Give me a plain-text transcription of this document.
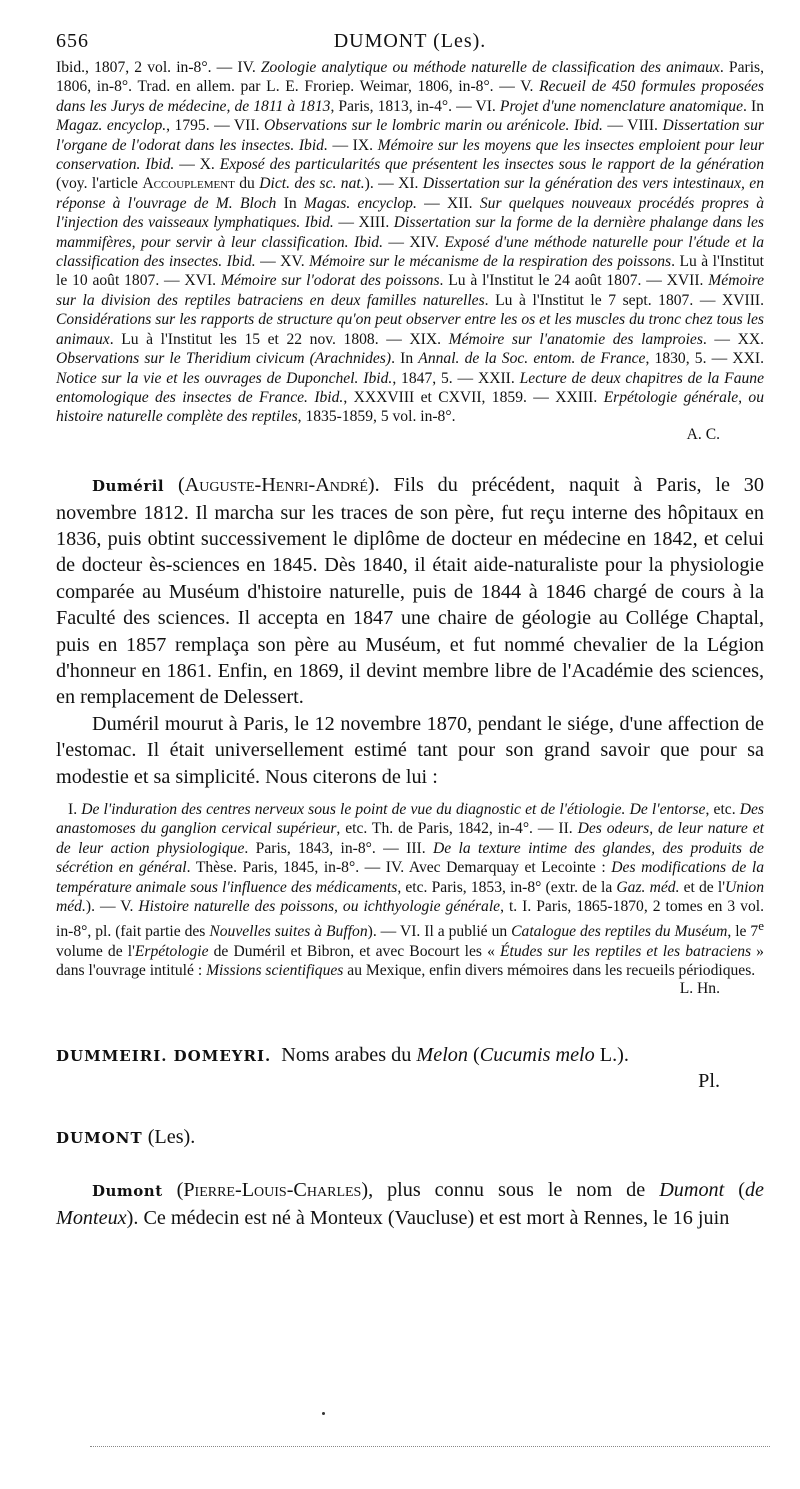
656	DUMONT (Les).

Ibid., 1807, 2 vol. in-8°. — IV. Zoologie analytique ou méthode naturelle de classification des animaux. Paris, 1806, in-8°. Trad. en allem. par L. E. Froriep. Weimar, 1806, in-8°. — V. Recueil de 450 formules proposées dans les Jurys de médecine, de 1811 à 1813, Paris, 1813, in-4°. — VI. Projet d'une nomenclature anatomique. In Magaz. encyclop., 1795. — VII. Observations sur le lombric marin ou arénicole. Ibid. — VIII. Dissertation sur l'organe de l'odorat dans les insectes. Ibid. — IX. Mémoire sur les moyens que les insectes emploient pour leur conservation. Ibid. — X. Exposé des particularités que présentent les insectes sous le rapport de la génération (voy. l'article Accouplement du Dict. des sc. nat.). — XI. Dissertation sur la génération des vers intestinaux, en réponse à l'ouvrage de M. Bloch In Magas. encyclop. — XII. Sur quelques nouveaux procédés propres à l'injection des vaisseaux lymphatiques. Ibid. — XIII. Dissertation sur la forme de la dernière phalange dans les mammifères, pour servir à leur classification. Ibid. — XIV. Exposé d'une méthode naturelle pour l'étude et la classification des insectes. Ibid. — XV. Mémoire sur le mécanisme de la respiration des poissons. Lu à l'Institut le 10 août 1807. — XVI. Mémoire sur l'odorat des poissons. Lu à l'Institut le 24 août 1807. — XVII. Mémoire sur la division des reptiles batraciens en deux familles naturelles. Lu à l'Institut le 7 sept. 1807. — XVIII. Considérations sur les rapports de structure qu'on peut observer entre les os et les muscles du tronc chez tous les animaux. Lu à l'Institut les 15 et 22 nov. 1808. — XIX. Mémoire sur l'anatomie des lamproies. — XX. Observations sur le Theridium civicum (Arachnides). In Annal. de la Soc. entom. de France, 1830, 5. — XXI. Notice sur la vie et les ouvrages de Duponchel. Ibid., 1847, 5. — XXII. Lecture de deux chapitres de la Faune entomologique des insectes de France. Ibid., XXXVIII et CXVII, 1859. — XXIII. Erpétologie générale, ou histoire naturelle complète des reptiles, 1835-1859, 5 vol. in-8°.

A. C.

Duméril (Auguste-Henri-André). Fils du précédent, naquit à Paris, le 30 novembre 1812. Il marcha sur les traces de son père, fut reçu interne des hôpitaux en 1836, puis obtint successivement le diplôme de docteur en médecine en 1842, et celui de docteur ès-sciences en 1845. Dès 1840, il était aide-naturaliste pour la physiologie comparée au Muséum d'histoire naturelle, puis de 1844 à 1846 chargé de cours à la Faculté des sciences. Il accepta en 1847 une chaire de géologie au Collége Chaptal, puis en 1857 remplaça son père au Muséum, et fut nommé chevalier de la Légion d'honneur en 1861. Enfin, en 1869, il devint membre libre de l'Académie des sciences, en remplacement de Delessert.

Duméril mourut à Paris, le 12 novembre 1870, pendant le siége, d'une affection de l'estomac. Il était universellement estimé tant pour son grand savoir que pour sa modestie et sa simplicité. Nous citerons de lui :

I. De l'induration des centres nerveux sous le point de vue du diagnostic et de l'étiologie. De l'entorse, etc. Des anastomoses du ganglion cervical supérieur, etc. Th. de Paris, 1842, in-4°. — II. Des odeurs, de leur nature et de leur action physiologique. Paris, 1843, in-8°. — III. De la texture intime des glandes, des produits de sécrétion en général. Thèse. Paris, 1845, in-8°. — IV. Avec Demarquay et Lecointe : Des modifications de la température animale sous l'influence des médicaments, etc. Paris, 1853, in-8° (extr. de la Gaz. méd. et de l'Union méd.). — V. Histoire naturelle des poissons, ou ichthyologie générale, t. I. Paris, 1865-1870, 2 tomes en 3 vol. in-8°, pl. (fait partie des Nouvelles suites à Buffon). — VI. Il a publié un Catalogue des reptiles du Muséum, le 7e volume de l'Erpétologie de Duméril et Bibron, et avec Bocourt les « Études sur les reptiles et les batraciens » dans l'ouvrage intitulé : Missions scientifiques au Mexique, enfin divers mémoires dans les recueils périodiques.

L. Hn.

DUMMEIRI. DOMEYRI. Noms arabes du Melon (Cucumis melo L.).

Pl.

DUMONT (Les).

Dumont (Pierre-Louis-Charles), plus connu sous le nom de Dumont (de Monteux). Ce médecin est né à Monteux (Vaucluse) et est mort à Rennes, le 16 juin
